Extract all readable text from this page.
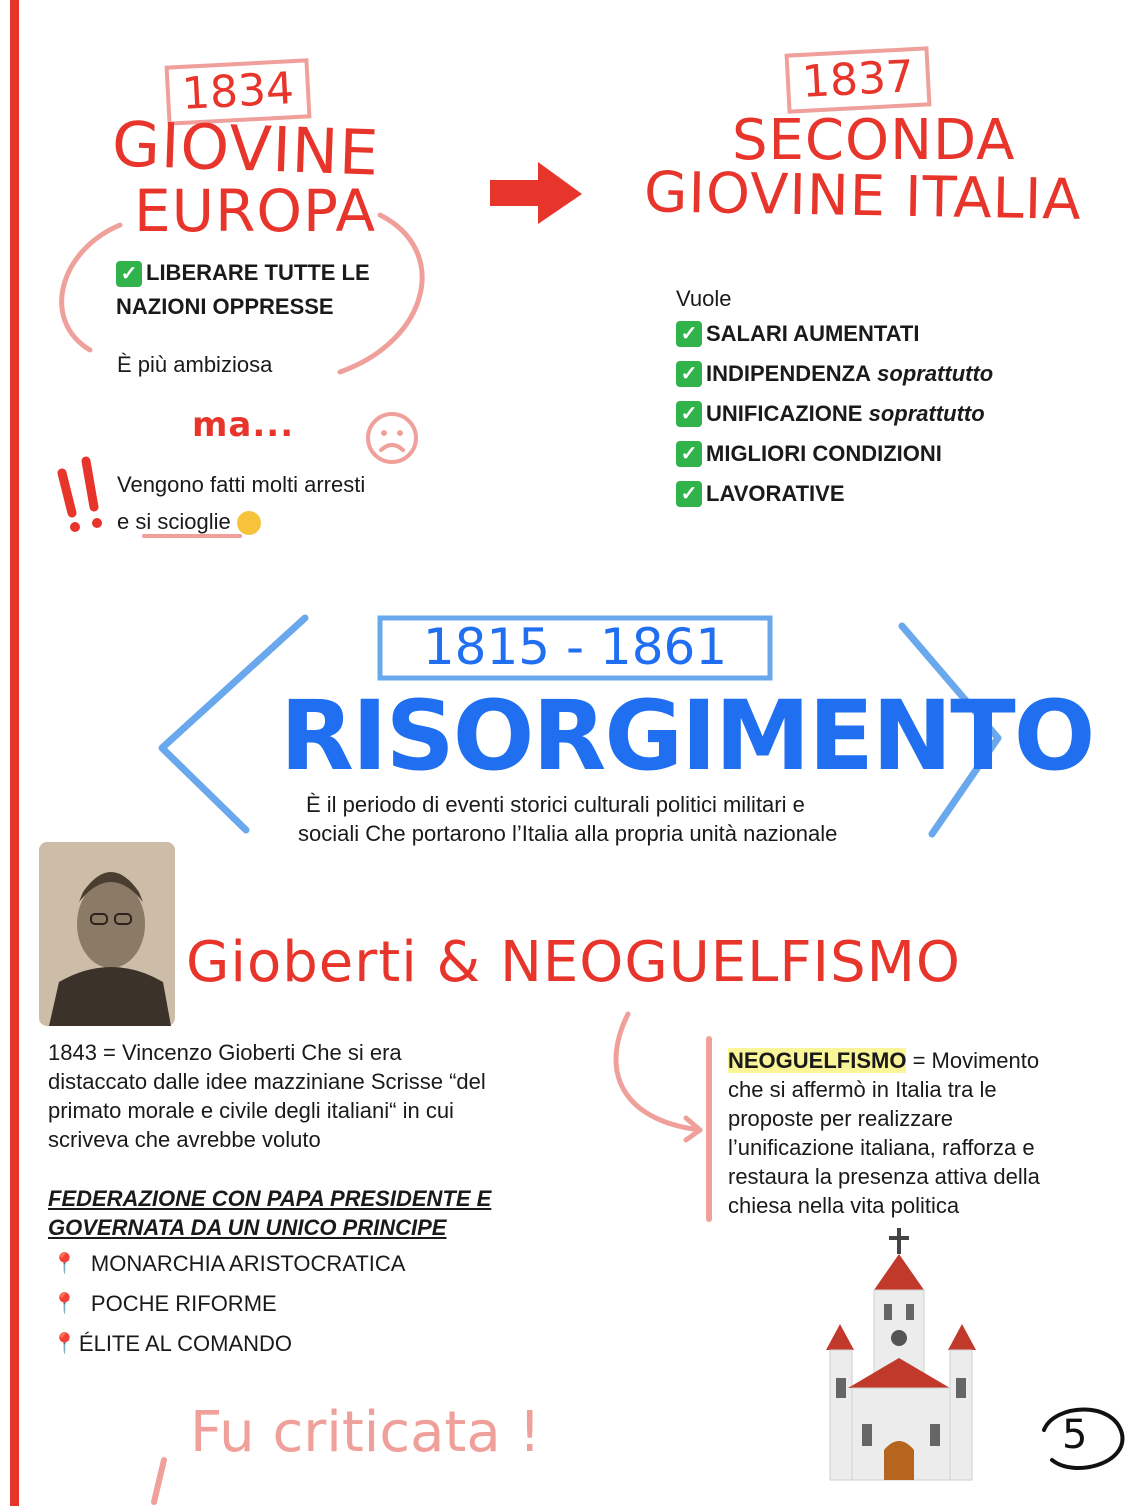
1834
GIOVINE
EUROPA
✓ LIBERARE TUTTE LE NAZIONI OPPRESSE
È più ambiziosa
ma...
Vengono fatti molti arresti
e si scioglie
1837
SECONDA
GIOVINE ITALIA
Vuole
✓ SALARI AUMENTATI
✓ INDIPENDENZA
soprattutto
✓ UNIFICAZIONE
soprattutto
✓ MIGLIORI CONDIZIONI
✓ LAVORATIVE
1815 - 1861
RISORGIMENTO
È il periodo di eventi storici culturali politici militari e
sociali Che portarono l’Italia alla propria unità nazionale
Gioberti & NEOGUELFISMO
1843 = Vincenzo Gioberti Che si era
distaccato dalle idee mazziniane Scrisse “del
primato morale e civile degli italiani“ in cui
scriveva che avrebbe voluto
FEDERAZIONE CON PAPA PRESIDENTE E
GOVERNATA DA UN UNICO PRINCIPE
📍 MONARCHIA ARISTOCRATICA
📍 POCHE RIFORME
📍 ÉLITE AL COMANDO
Fu criticata !
NEOGUELFISMO = Movimento
che si affermò in Italia tra le
proposte per realizzare
l’unificazione italiana, rafforza e
restaura la presenza attiva della
chiesa nella vita politica
5
